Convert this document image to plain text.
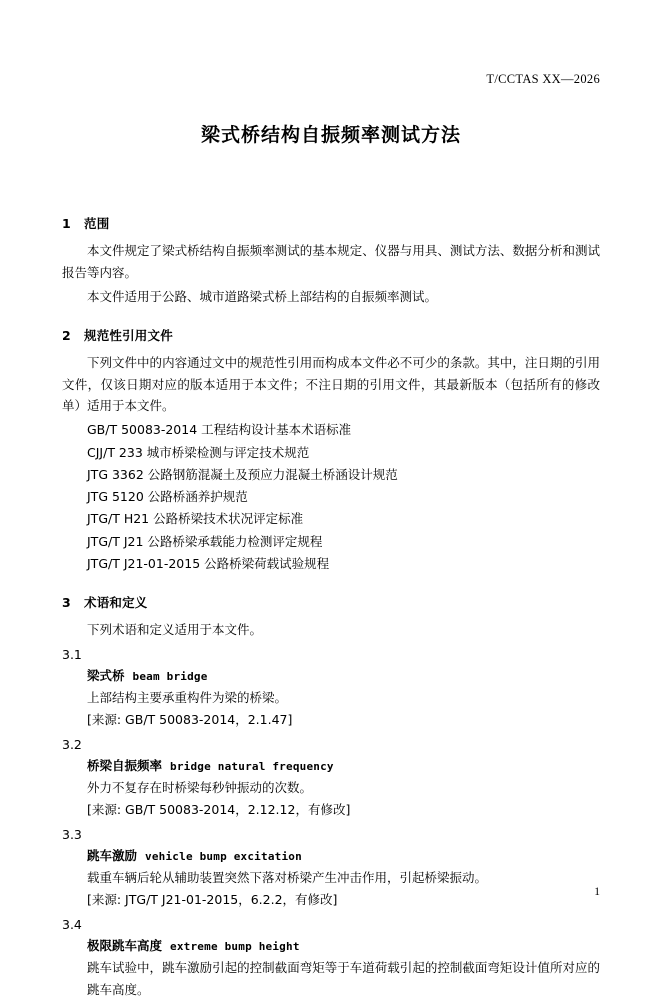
T/CCTAS XX—2026
梁式桥结构自振频率测试方法
1 范围

本文件规定了梁式桥结构自振频率测试的基本规定、仪器与用具、测试方法、数据分析和测试报告等内容。

本文件适用于公路、城市道路梁式桥上部结构的自振频率测试。

2 规范性引用文件

下列文件中的内容通过文中的规范性引用而构成本文件必不可少的条款。其中，注日期的引用文件，仅该日期对应的版本适用于本文件；不注日期的引用文件，其最新版本（包括所有的修改单）适用于本文件。

GB/T 50083-2014 工程结构设计基本术语标准

CJJ/T 233 城市桥梁检测与评定技术规范

JTG 3362 公路钢筋混凝土及预应力混凝土桥涵设计规范

JTG 5120 公路桥涵养护规范

JTG/T H21 公路桥梁技术状况评定标准

JTG/T J21 公路桥梁承载能力检测评定规程

JTG/T J21-01-2015 公路桥梁荷载试验规程

3 术语和定义

下列术语和定义适用于本文件。

3.1
梁式桥 beam bridge
上部结构主要承重构件为梁的桥梁。
[来源: GB/T 50083-2014，2.1.47]
3.2
桥梁自振频率 bridge natural frequency
外力不复存在时桥梁每秒钟振动的次数。
[来源: GB/T 50083-2014，2.12.12，有修改]
3.3
跳车激励 vehicle bump excitation
载重车辆后轮从辅助装置突然下落对桥梁产生冲击作用，引起桥梁振动。
[来源: JTG/T J21-01-2015，6.2.2，有修改]
3.4
极限跳车高度 extreme bump height
跳车试验中，跳车激励引起的控制截面弯矩等于车道荷载引起的控制截面弯矩设计值所对应的跳车高度。
1
